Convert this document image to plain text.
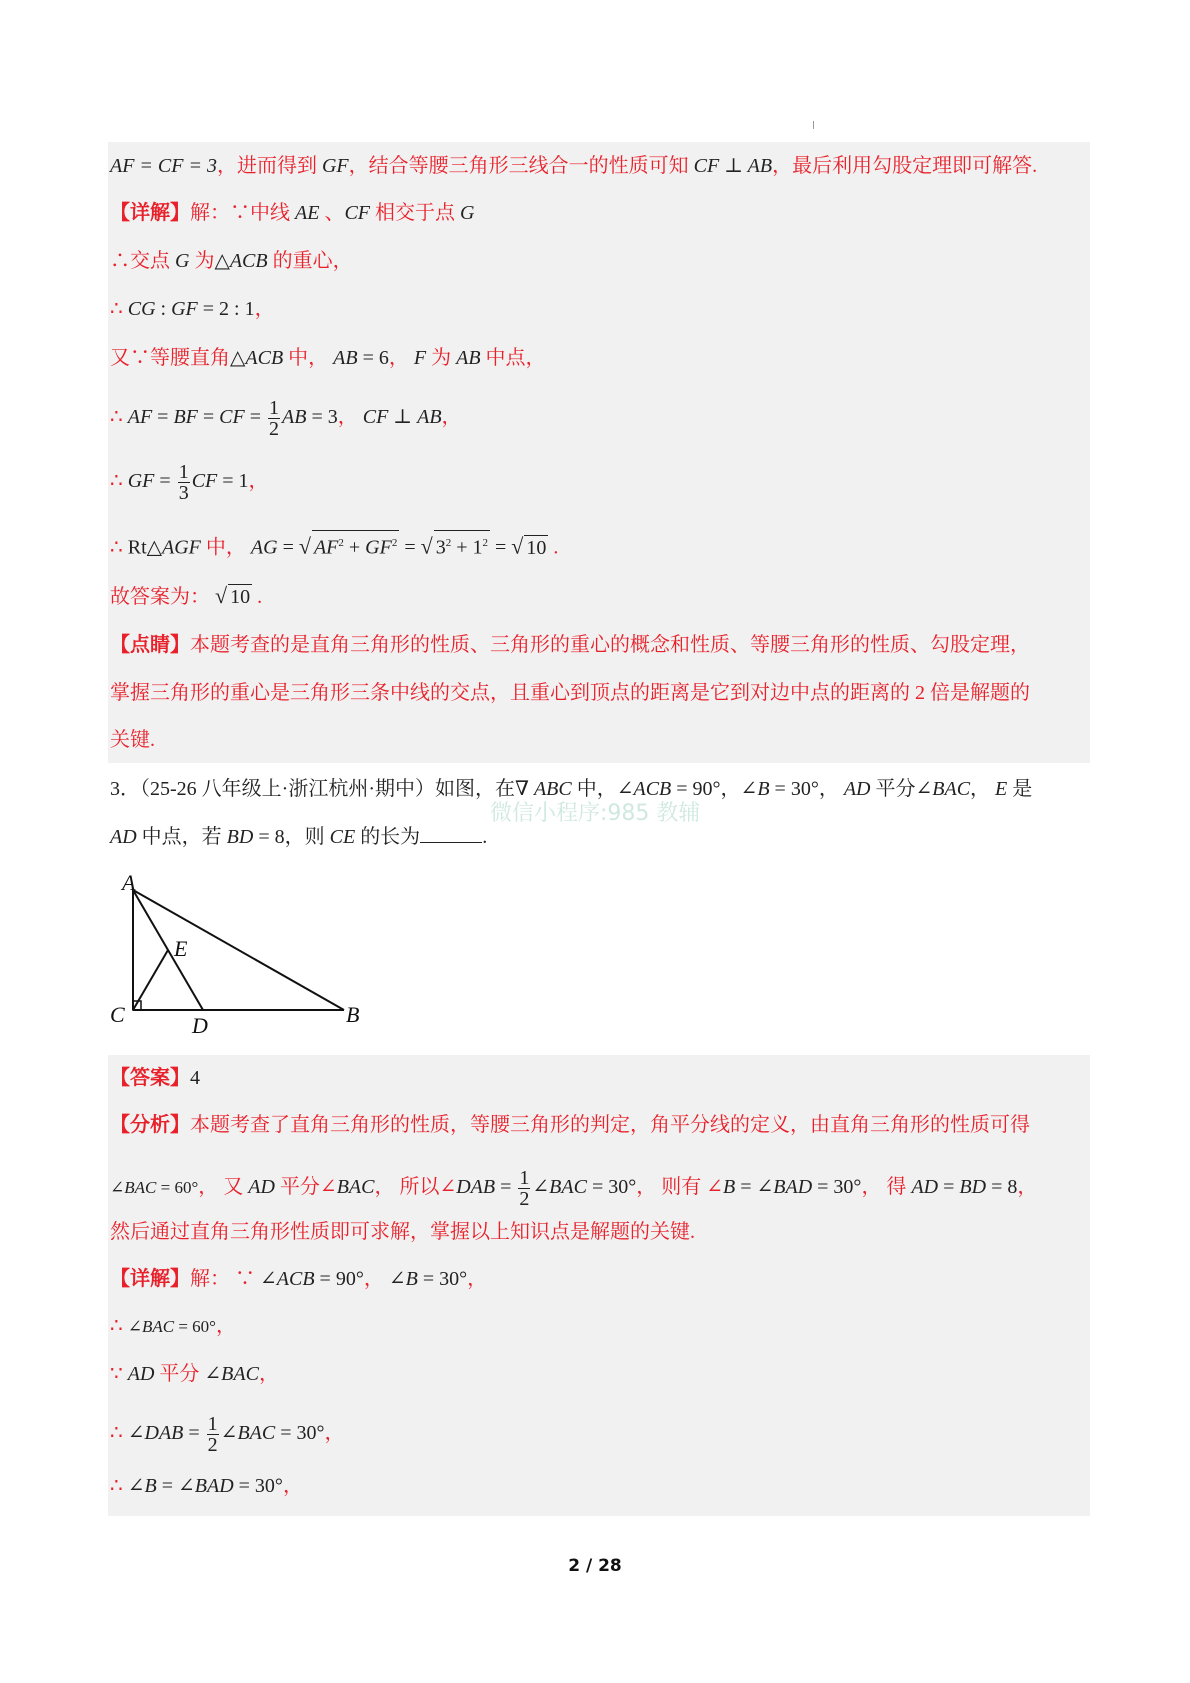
AF = CF = 3，进而得到 GF，结合等腰三角形三线合一的性质可知 CF ⊥ AB，最后利用勾股定理即可解答.
【详解】解：∵中线 AE 、CF 相交于点 G
∴交点 G 为△ACB 的重心，
∴ CG : GF = 2 : 1，
又∵等腰直角△ACB 中， AB = 6， F 为 AB 中点，
∴ AF = BF = CF = $\frac{1}{2}$ AB = 3， CF ⊥ AB，
∴ GF = $\frac{1}{3}$ CF = 1，
∴ Rt△AGF 中， AG = √ $AF^2 + GF^2$ = √ $3^2 + 1^2$ = √ 10 .
故答案为： √ 10 .
【点睛】本题考查的是直角三角形的性质、三角形的重心的概念和性质、等腰三角形的性质、勾股定理，
掌握三角形的重心是三角形三条中线的交点，且重心到顶点的距离是它到对边中点的距离的 2 倍是解题的
关键.
微信小程序:985 教辅
3．（25-26 八年级上·浙江杭州·期中）如图，在∇ ABC 中，∠ACB = 90°，∠B = 30°， AD 平分∠BAC， E 是
AD 中点，若 BD = 8，则 CE 的长为	.
A
E
C	D	B
【答案】4
【分析】本题考查了直角三角形的性质，等腰三角形的判定，角平分线的定义，由直角三角形的性质可得
∠BAC = 60°， 又 AD 平分∠BAC， 所以∠DAB = $\frac{1}{2}$ ∠BAC = 30°， 则有 ∠B = ∠BAD = 30°， 得 AD = BD = 8，
然后通过直角三角形性质即可求解，掌握以上知识点是解题的关键.
【详解】解： ∵ ∠ACB = 90°， ∠B = 30°，
∴ ∠BAC = 60°，
∵ AD 平分 ∠BAC，
∴ ∠DAB = $\frac{1}{2}$ ∠BAC = 30°，
∴ ∠B = ∠BAD = 30°，
2 / 28
